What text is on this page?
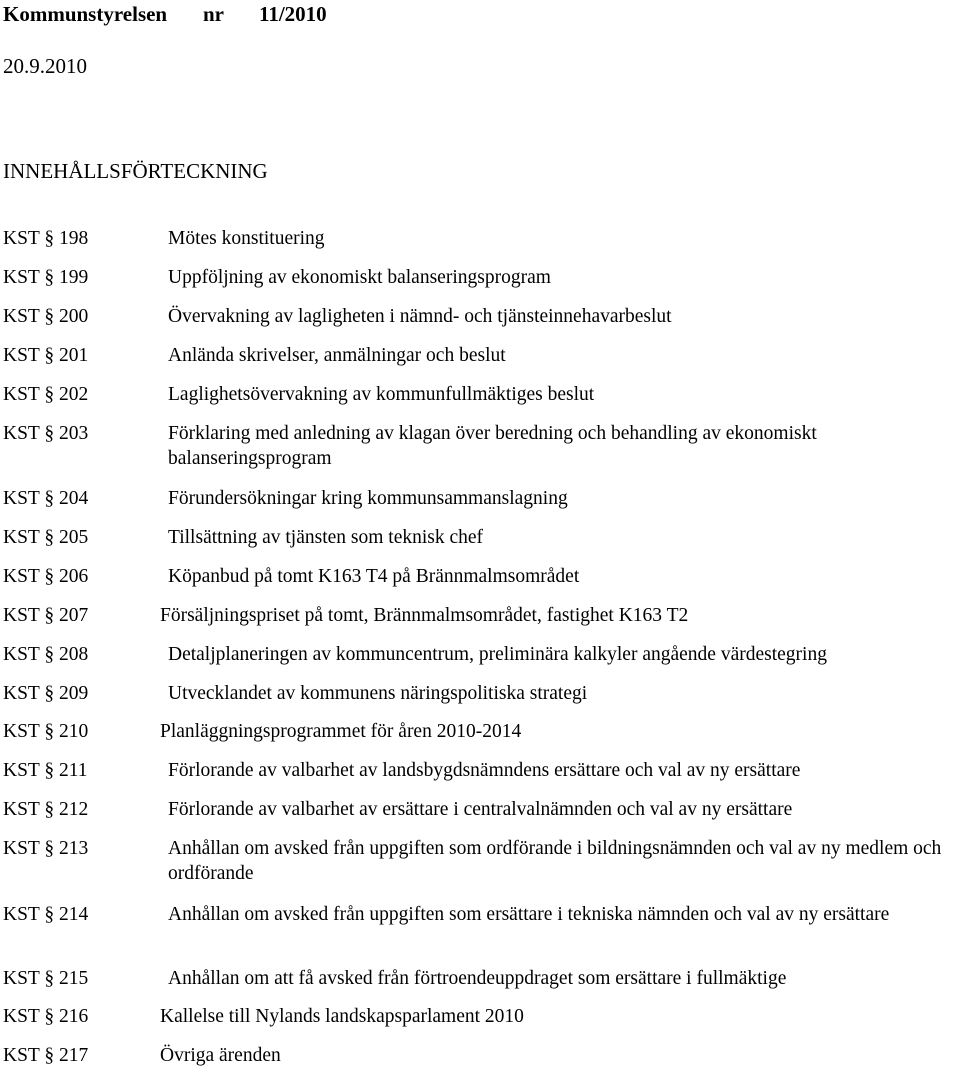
Kommunstyrelsen nr 11/2010
20.9.2010
INNEHÅLLSFÖRTECKNING
KST § 198	Mötes konstituering
KST § 199	Uppföljning av ekonomiskt balanseringsprogram
KST § 200	Övervakning av lagligheten i nämnd- och tjänsteinnehavarbeslut
KST § 201	Anlända skrivelser, anmälningar och beslut
KST § 202	Laglighetsövervakning av kommunfullmäktiges beslut
KST § 203	Förklaring med anledning av klagan över beredning och behandling av ekonomiskt balanseringsprogram
KST § 204	Förundersökningar kring kommunsammanslagning
KST § 205	Tillsättning av tjänsten som teknisk chef
KST § 206	Köpanbud på tomt K163 T4 på Brännmalmsområdet
KST § 207	Försäljningspriset på tomt, Brännmalmsområdet, fastighet K163 T2
KST § 208	Detaljplaneringen av kommuncentrum, preliminära kalkyler angående värdestegring
KST § 209	Utvecklandet av kommunens näringspolitiska strategi
KST § 210	Planläggningsprogrammet för åren 2010-2014
KST § 211	Förlorande av valbarhet av landsbygdsnämndens ersättare och val av ny ersättare
KST § 212	Förlorande av valbarhet av ersättare i centralvalnämnden och val av ny ersättare
KST § 213	Anhållan om avsked från uppgiften som ordförande i bildningsnämnden och val av ny medlem och ordförande
KST § 214	Anhållan om avsked från uppgiften som ersättare i tekniska nämnden och val av ny ersättare
KST § 215	Anhållan om att få avsked från förtroendeuppdraget som ersättare i fullmäktige
KST § 216	Kallelse till Nylands landskapsparlament 2010
KST § 217	Övriga ärenden
